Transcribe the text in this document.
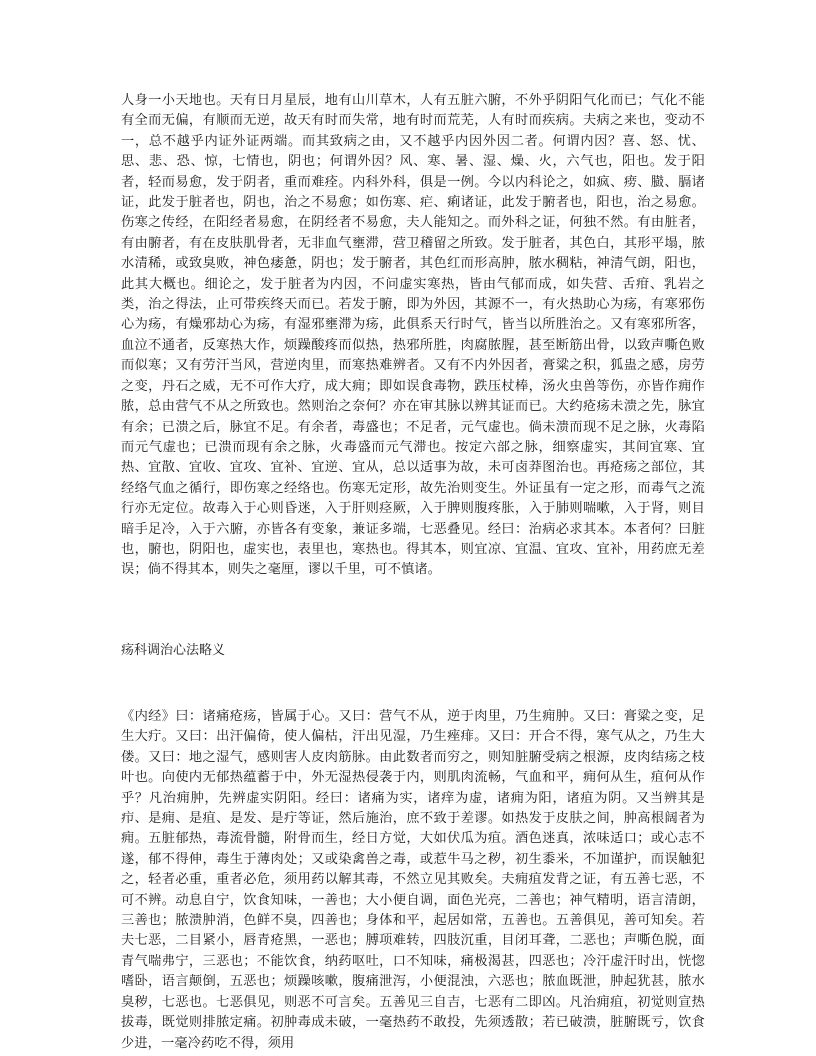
人身一小天地也。天有日月星辰，地有山川草木，人有五脏六腑，不外乎阴阳气化而已；气化不能有全而无偏，有顺而无逆，故天有时而失常，地有时而荒芜，人有时而疾病。夫病之来也，变动不一，总不越乎内证外证两端。而其致病之由，又不越乎内因外因二者。何谓内因？喜、怒、忧、思、悲、恐、惊，七情也，阴也；何谓外因？风、寒、暑、湿、燥、火，六气也，阳也。发于阳者，轻而易愈，发于阴者，重而难痊。内科外科，俱是一例。今以内科论之，如疯、痨、臌、膈诸证，此发于脏者也，阴也，治之不易愈；如伤寒、疟、痢诸证，此发于腑者也，阳也，治之易愈。伤寒之传经，在阳经者易愈，在阴经者不易愈，夫人能知之。而外科之证，何独不然。有由脏者，有由腑者，有在皮肤肌骨者，无非血气壅滞，营卫稽留之所致。发于脏者，其色白，其形平塌，脓水清稀，或致臭败，神色痿惫，阴也；发于腑者，其色红而形高肿，脓水稠粘，神清气朗，阳也，此其大概也。细论之，发于脏者为内因，不问虚实寒热，皆由气郁而成，如失营、舌疳、乳岩之类，治之得法，止可带疾终天而已。若发于腑，即为外因，其源不一，有火热助心为疡，有寒邪伤心为疡，有燥邪劫心为疡，有湿邪壅滞为疡，此俱系天行时气，皆当以所胜治之。又有寒邪所客，血泣不通者，反寒热大作，烦躁酸疼而似热，热邪所胜，肉腐脓腥，甚至断筋出骨，以致声嘶色败而似寒；又有劳汗当风，营逆肉里，而寒热难辨者。又有不内外因者，膏粱之积，狐蛊之感，房劳之变，丹石之威，无不可作大疗，成大痈；即如误食毒物，跌压杖棒，汤火虫兽等伤，亦皆作痈作脓，总由营气不从之所致也。然则治之奈何？亦在审其脉以辨其证而已。大约疮疡未溃之先，脉宜有余；已溃之后，脉宜不足。有余者，毒盛也；不足者，元气虚也。倘未溃而现不足之脉，火毒陷而元气虚也；已溃而现有余之脉，火毒盛而元气滞也。按定六部之脉，细察虚实，其间宜寒、宜热、宜散、宜收、宜攻、宜补、宜逆、宜从，总以适事为故，未可卤莽图治也。再疮疡之部位，其经络气血之循行，即伤寒之经络也。伤寒无定形，故先治则变生。外证虽有一定之形，而毒气之流行亦无定位。故毒入于心则昏迷，入于肝则痉厥，入于脾则腹疼胀，入于肺则喘嗽，入于肾，则目暗手足冷，入于六腑，亦皆各有变象，兼证多端，七恶叠见。经曰：治病必求其本。本者何？曰脏也，腑也，阴阳也，虚实也，表里也，寒热也。得其本，则宜凉、宜温、宜攻、宜补，用药庶无差误；倘不得其本，则失之毫厘，谬以千里，可不慎诸。

疡科调治心法略义

《内经》曰：诸痛疮疡，皆属于心。又曰：营气不从，逆于肉里，乃生痈肿。又曰：膏粱之变，足生大疔。又曰：出汗偏倚，使人偏枯，汗出见湿，乃生痤痱。又曰：开合不得，寒气从之，乃生大偻。又曰：地之湿气，感则害人皮肉筋脉。由此数者而穷之，则知脏腑受病之根源，皮肉结疡之枝叶也。向使内无郁热蕴蓄于中，外无湿热侵袭于内，则肌肉流畅，气血和平，痈何从生，疽何从作乎？凡治痈肿，先辨虚实阴阳。经曰：诸痛为实，诸痒为虚，诸痈为阳，诸疽为阴。又当辨其是疖、是痈、是疽、是发、是疔等证，然后施治，庶不致于差谬。如热发于皮肤之间，肿高根阔者为痈。五脏郁热，毒流骨髓，附骨而生，经日方觉，大如伏瓜为疽。酒色迷真，浓味适口；或心志不遂，郁不得伸，毒生于薄肉处；又或染禽兽之毒，或惹牛马之秽，初生黍米，不加谨护，而误触犯之，轻者必重，重者必危，须用药以解其毒，不然立见其败矣。夫痈疽发背之证，有五善七恶，不可不辨。动息自宁，饮食知味，一善也；大小便自调，面色光亮，二善也；神气精明，语言清朗，三善也；脓溃肿消，色鲜不臭，四善也；身体和平，起居如常，五善也。五善俱见，善可知矣。若夫七恶，二目紧小，唇青疮黑，一恶也；膊项难转，四肢沉重，目闭耳聋，二恶也；声嘶色脱，面青气喘弗宁，三恶也；不能饮食，纳药呕吐，口不知味，痛极渴甚，四恶也；冷汗虚汗时出，恍惚嗜卧，语言颠倒，五恶也；烦躁咳嗽，腹痛泄泻，小便混浊，六恶也；脓血既泄，肿起犹甚，脓水臭秽，七恶也。七恶俱见，则恶不可言矣。五善见三自吉，七恶有二即凶。凡治痈疽，初觉则宣热拔毒，既觉则排脓定痛。初肿毒成未破，一毫热药不敢投，先须透散；若已破溃，脏腑既亏，饮食少进，一毫冷药吃不得，须用
